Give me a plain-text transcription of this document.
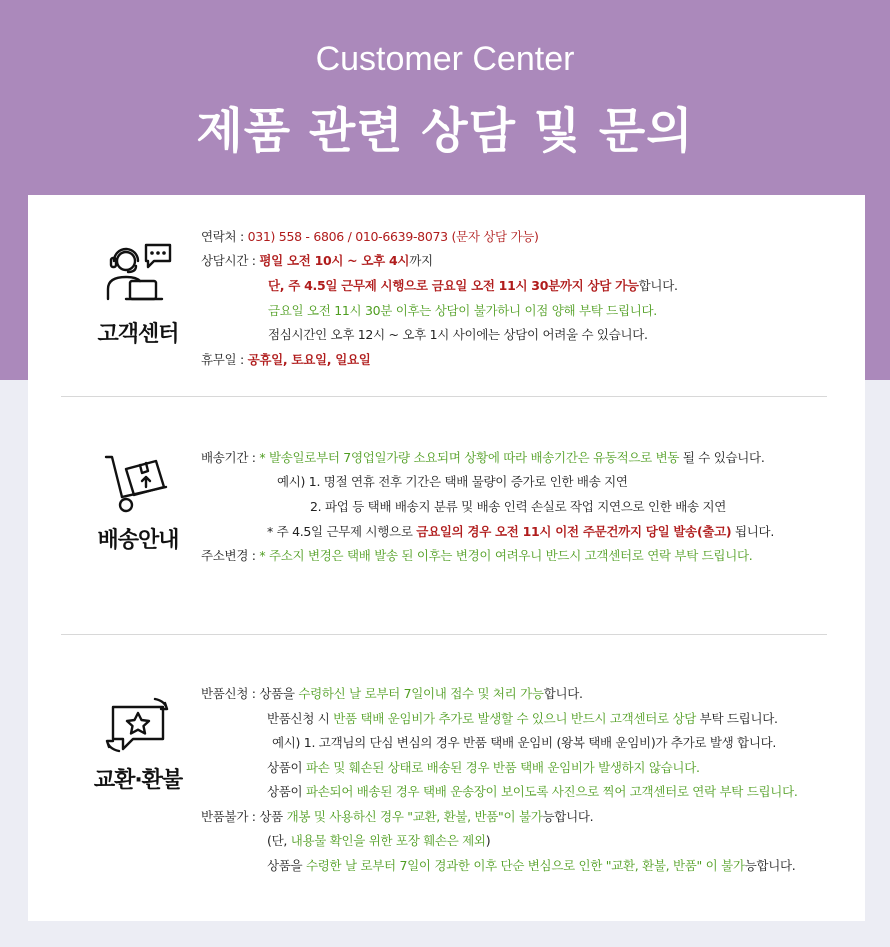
Customer Center
제품 관련 상담 및 문의
고객센터
연락처 : 031) 558 - 6806 / 010-6639-8073 (문자 상담 가능)
상담시간 : 평일 오전 10시 ~ 오후 4시까지
단, 주 4.5일 근무제 시행으로 금요일 오전 11시 30분까지 상담 가능합니다.
금요일 오전 11시 30분 이후는 상담이 불가하니 이점 양해 부탁 드립니다.
점심시간인 오후 12시 ~ 오후 1시 사이에는 상담이 어려울 수 있습니다.
휴무일 : 공휴일, 토요일, 일요일
배송안내
배송기간 : * 발송일로부터 7영업일가량 소요되며 상황에 따라 배송기간은 유동적으로 변동 될 수 있습니다.
예시) 1. 명절 연휴 전후 기간은 택배 물량이 증가로 인한 배송 지연
2. 파업 등 택배 배송지 분류 및 배송 인력 손실로 작업 지연으로 인한 배송 지연
* 주 4.5일 근무제 시행으로 금요일의 경우 오전 11시 이전 주문건까지 당일 발송(출고) 됩니다.
주소변경 : * 주소지 변경은 택배 발송 된 이후는 변경이 여려우니 반드시 고객센터로 연락 부탁 드립니다.
교환·환불
반품신청 : 상품을 수령하신 날 로부터 7일이내 접수 및 처리 가능합니다.
반품신청 시 반품 택배 운임비가 추가로 발생할 수 있으니 반드시 고객센터로 상담 부탁 드립니다.
예시) 1. 고객님의 단심 변심의 경우 반품 택배 운임비 (왕복 택배 운임비)가 추가로 발생 합니다.
상품이 파손 및 훼손된 상태로 배송된 경우 반품 택배 운임비가 발생하지 않습니다.
상품이 파손되어 배송된 경우 택배 운송장이 보이도록 사진으로 찍어 고객센터로 연락 부탁 드립니다.
반품불가 : 상품 개봉 및 사용하신 경우 "교환, 환불, 반품"이 불가능합니다.
(단, 내용물 확인을 위한 포장 훼손은 제외)
상품을 수령한 날 로부터 7일이 경과한 이후 단순 변심으로 인한 "교환, 환불, 반품" 이 불가능합니다.
